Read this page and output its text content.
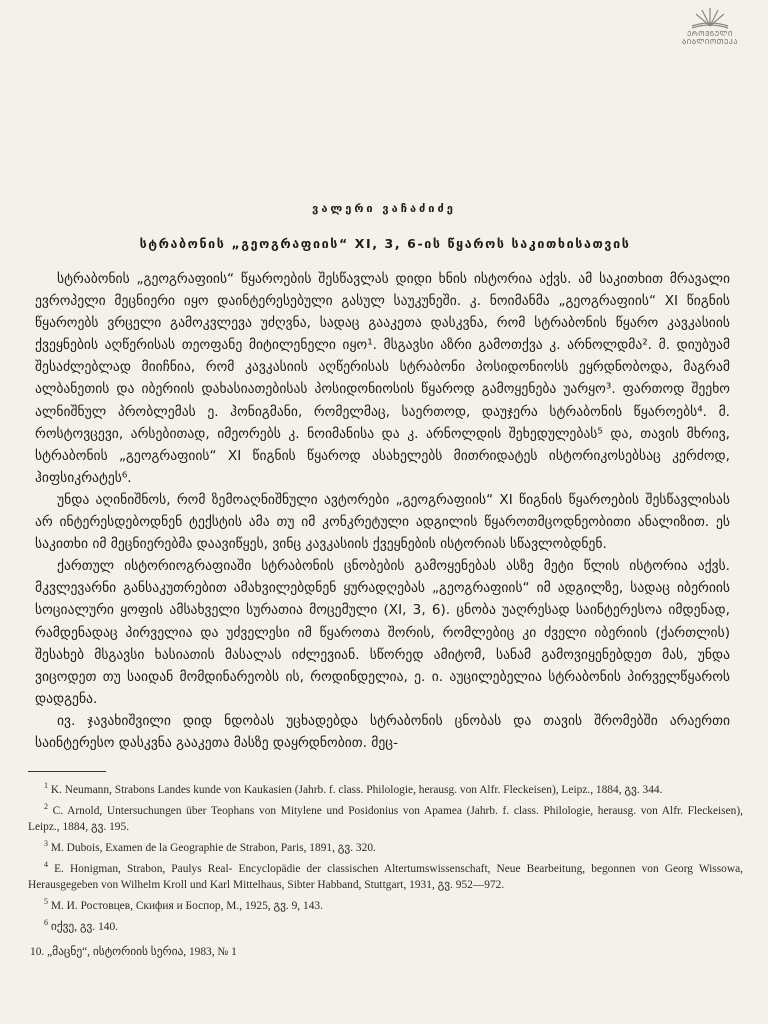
ᲔᲠᲝᲕᲜᲣᲚᲘ
ᲑᲘᲑᲚᲘᲝᲗᲔᲙᲐ
ვალერი ვაჩაძიძე
სტრაბონის „გეოგრაფიის“ XI, 3, 6-ის წყაროს საკითხისათვის

სტრაბონის „გეოგრაფიის“ წყაროების შესწავლას დიდი ხნის ისტორია აქვს. ამ საკითხით მრავალი ევროპელი მეცნიერი იყო დაინტერესებული გასულ საუკუნეში. კ. ნოიმანმა „გეოგრაფიის“ XI წიგნის წყაროებს ვრცელი გამოკვლევა უძღვნა, სადაც გააკეთა დასკვნა, რომ სტრაბონის წყარო კავკასიის ქვეყნების აღწერისას თეოფანე მიტილენელი იყო¹. მსგავსი აზრი გამოთქვა კ. არნოლდმა². მ. დიუბუამ შესაძლებლად მიიჩნია, რომ კავკასიის აღწერისას სტრაბონი პოსიდონიოსს ეყრდნობოდა, მაგრამ ალბანეთის და იბერიის დახასიათებისას პოსიდონიოსის წყაროდ გამოყენება უარყო³. ფართოდ შეეხო ალნიშნულ პრობლემას ე. ჰონიგმანი, რომელმაც, საერთოდ, დაუჯერა სტრაბონის წყაროებს⁴. მ. როსტოვცევი, არსებითად, იმეორებს კ. ნოიმანისა და კ. არნოლდის შეხედულებას⁵ და, თავის მხრივ, სტრაბონის „გეოგრაფიის“ XI წიგნის წყაროდ ასახელებს მითრიდატეს ისტორიკოსებსაც კერძოდ, ჰიფსიკრატეს⁶.

უნდა აღინიშნოს, რომ ზემოაღნიშნული ავტორები „გეოგრაფიის“ XI წიგნის წყაროების შესწავლისას არ ინტერესდებოდნენ ტექსტის ამა თუ იმ კონკრეტული ადგილის წყაროთმცოდნეობითი ანალიზით. ეს საკითხი იმ მეცნიერებმა დაავიწყეს, ვინც კავკასიის ქვეყნების ისტორიას სწავლობდნენ.

ქართულ ისტორიოგრაფიაში სტრაბონის ცნობების გამოყენებას ასზე მეტი წლის ისტორია აქვს. მკვლევარნი განსაკუთრებით ამახვილებდნენ ყურადღებას „გეოგრაფიის“ იმ ადგილზე, სადაც იბერიის სოციალური ყოფის ამსახველი სურათია მოცემული (XI, 3, 6). ცნობა უაღრესად საინტერესოა იმდენად, რამდენადაც პირველია და უძველესი იმ წყაროთა შორის, რომლებიც კი ძველი იბერიის (ქართლის) შესახებ მსგავსი ხასიათის მასალას იძლევიან. სწორედ ამიტომ, სანამ გამოვიყენებდეთ მას, უნდა ვიცოდეთ თუ საიდან მომდინარეობს ის, როდინდელია, ე. ი. აუცილებელია სტრაბონის პირველწყაროს დადგენა.

ივ. ჯავახიშვილი დიდ ნდობას უცხადებდა სტრაბონის ცნობას და თავის შრომებში არაერთი საინტერესო დასკვნა გააკეთა მასზე დაყრდნობით. მეც-

$^1$ K. Neumann, Strabons Landes kunde von Kaukasien (Jahrb. f. class. Philologie, herausg. von Alfr. Fleckeisen), Leipz., 1884, გვ. 344.

$^2$ C. Arnold, Untersuchungen über Teophans von Mitylene und Posidonius von Apamea (Jahrb. f. class. Philologie, herausg. von Alfr. Fleckeisen), Leipz., 1884, გვ. 195.

$^3$ M. Dubois, Examen de la Geographie de Strabon, Paris, 1891, გვ. 320.

$^4$ E. Honigman, Strabon, Paulys Real- Encyclopädie der classischen Altertumswissenschaft, Neue Bearbeitung, begonnen von Georg Wissowa, Herausgegeben von Wilhelm Kroll und Karl Mittelhaus, Sibter Habband, Stuttgart, 1931, გვ. 952—972.

$^5$ М. И. Ростовцев, Скифия и Боспор, М., 1925, გვ. 9, 143.

$^6$ იქვე, გვ. 140.

10. „მაცნე“, ისტორიის სერია, 1983, № 1
